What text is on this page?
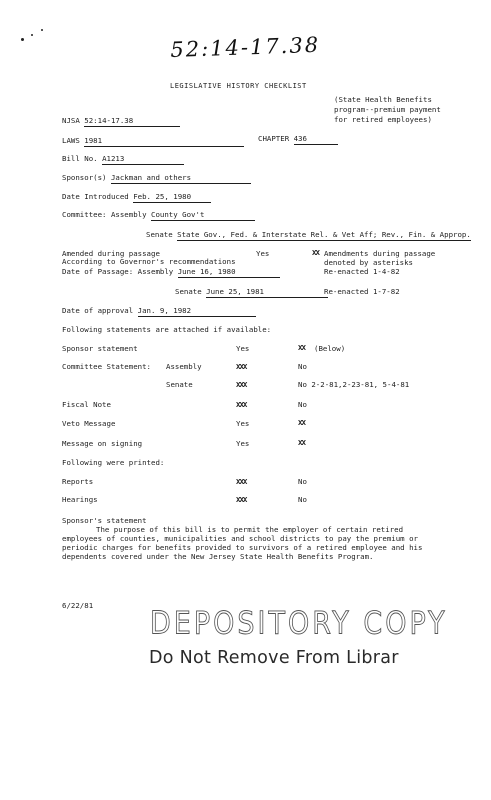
52:14-17.38
LEGISLATIVE HISTORY CHECKLIST
(State Health Benefits
program--premium payment
for retired employees)
NJSA 52:14-17.38
LAWS 1981	CHAPTER 436
Bill No. A1213
Sponsor(s) Jackman and others
Date Introduced Feb. 25, 1980
Committee: Assembly County Gov't
Senate State Gov., Fed. & Interstate Rel. & Vet Aff; Rev., Fin. & Approp.
Amended during passage
According to Governor's recommendations
Yes	XX Amendments during passage
denoted by asterisks
Date of Passage: Assembly June 16, 1980	Re-enacted 1-4-82
Senate June 25, 1981	Re-enacted 1-7-82
Date of approval Jan. 9, 1982
Following statements are attached if available:
Sponsor statement	Yes	XX (Below)
Committee Statement: Assembly	XXX	No
Senate	XXX	No 2-2-81,2-23-81, 5-4-81
Fiscal Note	XXX	No
Veto Message	Yes	XX
Message on signing	Yes	XX
Following were printed:
Reports	XXX	No
Hearings	XXX	No
Sponsor's statement
The purpose of this bill is to permit the employer of certain retired employees of counties, municipalities and school districts to pay the premium or periodic charges for benefits provided to survivors of a retired employee and his dependents covered under the New Jersey State Health Benefits Program.
6/22/81
DEPOSITORY COPY
Do Not Remove From Librar
